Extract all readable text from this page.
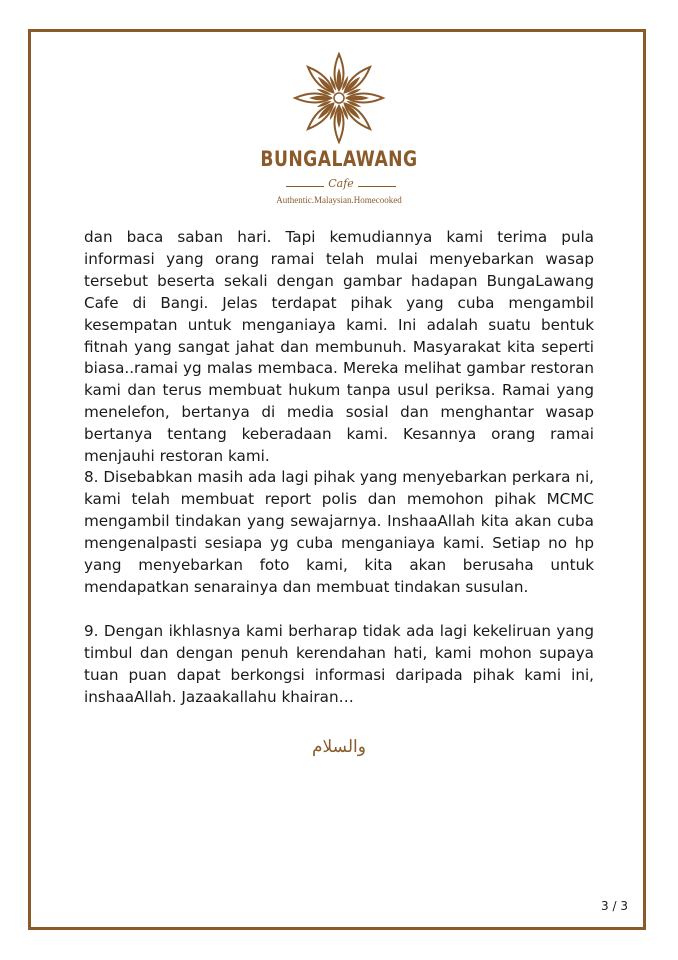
BUNGALAWANG
Cafe
Authentic.Malaysian.Homecooked

dan baca saban hari. Tapi kemudiannya kami terima pula informasi yang orang ramai telah mulai menyebarkan wasap tersebut beserta sekali dengan gambar hadapan BungaLawang Cafe di Bangi. Jelas terdapat pihak yang cuba mengambil kesempatan untuk menganiaya kami. Ini adalah suatu bentuk fitnah yang sangat jahat dan membunuh. Masyarakat kita seperti biasa..ramai yg malas membaca. Mereka melihat gambar restoran kami dan terus membuat hukum tanpa usul periksa. Ramai yang menelefon, bertanya di media sosial dan menghantar wasap bertanya tentang keberadaan kami. Kesannya orang ramai menjauhi restoran kami.

8. Disebabkan masih ada lagi pihak yang menyebarkan perkara ni, kami telah membuat report polis dan memohon pihak MCMC mengambil tindakan yang sewajarnya. InshaaAllah kita akan cuba mengenalpasti sesiapa yg cuba menganiaya kami. Setiap no hp yang menyebarkan foto kami, kita akan berusaha untuk mendapatkan senarainya dan membuat tindakan susulan.

9. Dengan ikhlasnya kami berharap tidak ada lagi kekeliruan yang timbul dan dengan penuh kerendahan hati, kami mohon supaya tuan puan dapat berkongsi informasi daripada pihak kami ini, inshaaAllah. Jazaakallahu khairan…

والسلام
3 / 3
